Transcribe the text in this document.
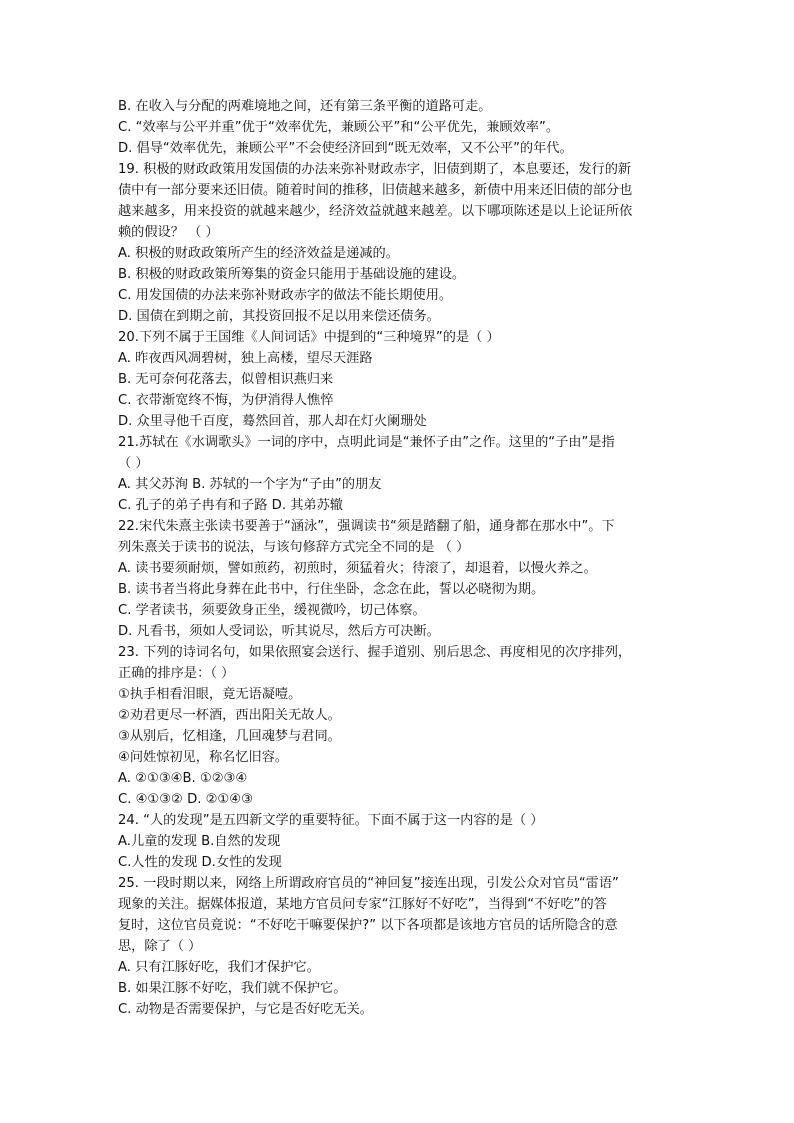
B. 在收入与分配的两难境地之间，还有第三条平衡的道路可走。
C. “效率与公平并重”优于“效率优先，兼顾公平”和“公平优先，兼顾效率”。
D. 倡导“效率优先，兼顾公平”不会使经济回到“既无效率，又不公平”的年代。
19. 积极的财政政策用发国债的办法来弥补财政赤字，旧债到期了，本息要还，发行的新
债中有一部分要来还旧债。随着时间的推移，旧债越来越多，新债中用来还旧债的部分也
越来越多，用来投资的就越来越少，经济效益就越来越差。以下哪项陈述是以上论证所依
赖的假设？ （ ）
A. 积极的财政政策所产生的经济效益是递减的。
B. 积极的财政政策所筹集的资金只能用于基础设施的建设。
C. 用发国债的办法来弥补财政赤字的做法不能长期使用。
D. 国债在到期之前，其投资回报不足以用来偿还债务。
20.下列不属于王国维《人间词话》中提到的“三种境界”的是（ ）
A. 昨夜西风凋碧树，独上高楼，望尽天涯路
B. 无可奈何花落去，似曾相识燕归来
C. 衣带渐宽终不悔，为伊消得人憔悴
D. 众里寻他千百度，蓦然回首，那人却在灯火阑珊处
21.苏轼在《水调歌头》一词的序中，点明此词是“兼怀子由”之作。这里的“子由”是指
（ ）
A. 其父苏洵 B. 苏轼的一个字为“子由”的朋友
C. 孔子的弟子冉有和子路 D. 其弟苏辙
22.宋代朱熹主张读书要善于“涵泳”，强调读书“须是踏翻了船，通身都在那水中”。下
列朱熹关于读书的说法，与该句修辞方式完全不同的是 （ ）
A. 读书要须耐烦，譬如煎药，初煎时，须猛着火；待滚了，却退着，以慢火养之。
B. 读书者当将此身葬在此书中，行住坐卧，念念在此，誓以必晓彻为期。
C. 学者读书，须要敛身正坐，缓视微吟，切己体察。
D. 凡看书，须如人受词讼，听其说尽，然后方可决断。
23. 下列的诗词名句，如果依照宴会送行、握手道别、别后思念、再度相见的次序排列，
正确的排序是：（ ）
①执手相看泪眼，竟无语凝噎。
②劝君更尽一杯酒，西出阳关无故人。
③从别后，忆相逢，几回魂梦与君同。
④问姓惊初见，称名忆旧容。
A. ②①③④B. ①②③④
C. ④①③② D. ②①④③
24. “人的发现”是五四新文学的重要特征。下面不属于这一内容的是（ ）
A.儿童的发现 B.自然的发现
C.人性的发现 D.女性的发现
25. 一段时期以来，网络上所谓政府官员的“神回复”接连出现，引发公众对官员“雷语”
现象的关注。据媒体报道，某地方官员问专家“江豚好不好吃”，当得到“不好吃”的答
复时，这位官员竟说：“不好吃干嘛要保护?” 以下各项都是该地方官员的话所隐含的意
思，除了（ ）
A. 只有江豚好吃，我们才保护它。
B. 如果江豚不好吃，我们就不保护它。
C. 动物是否需要保护，与它是否好吃无关。
